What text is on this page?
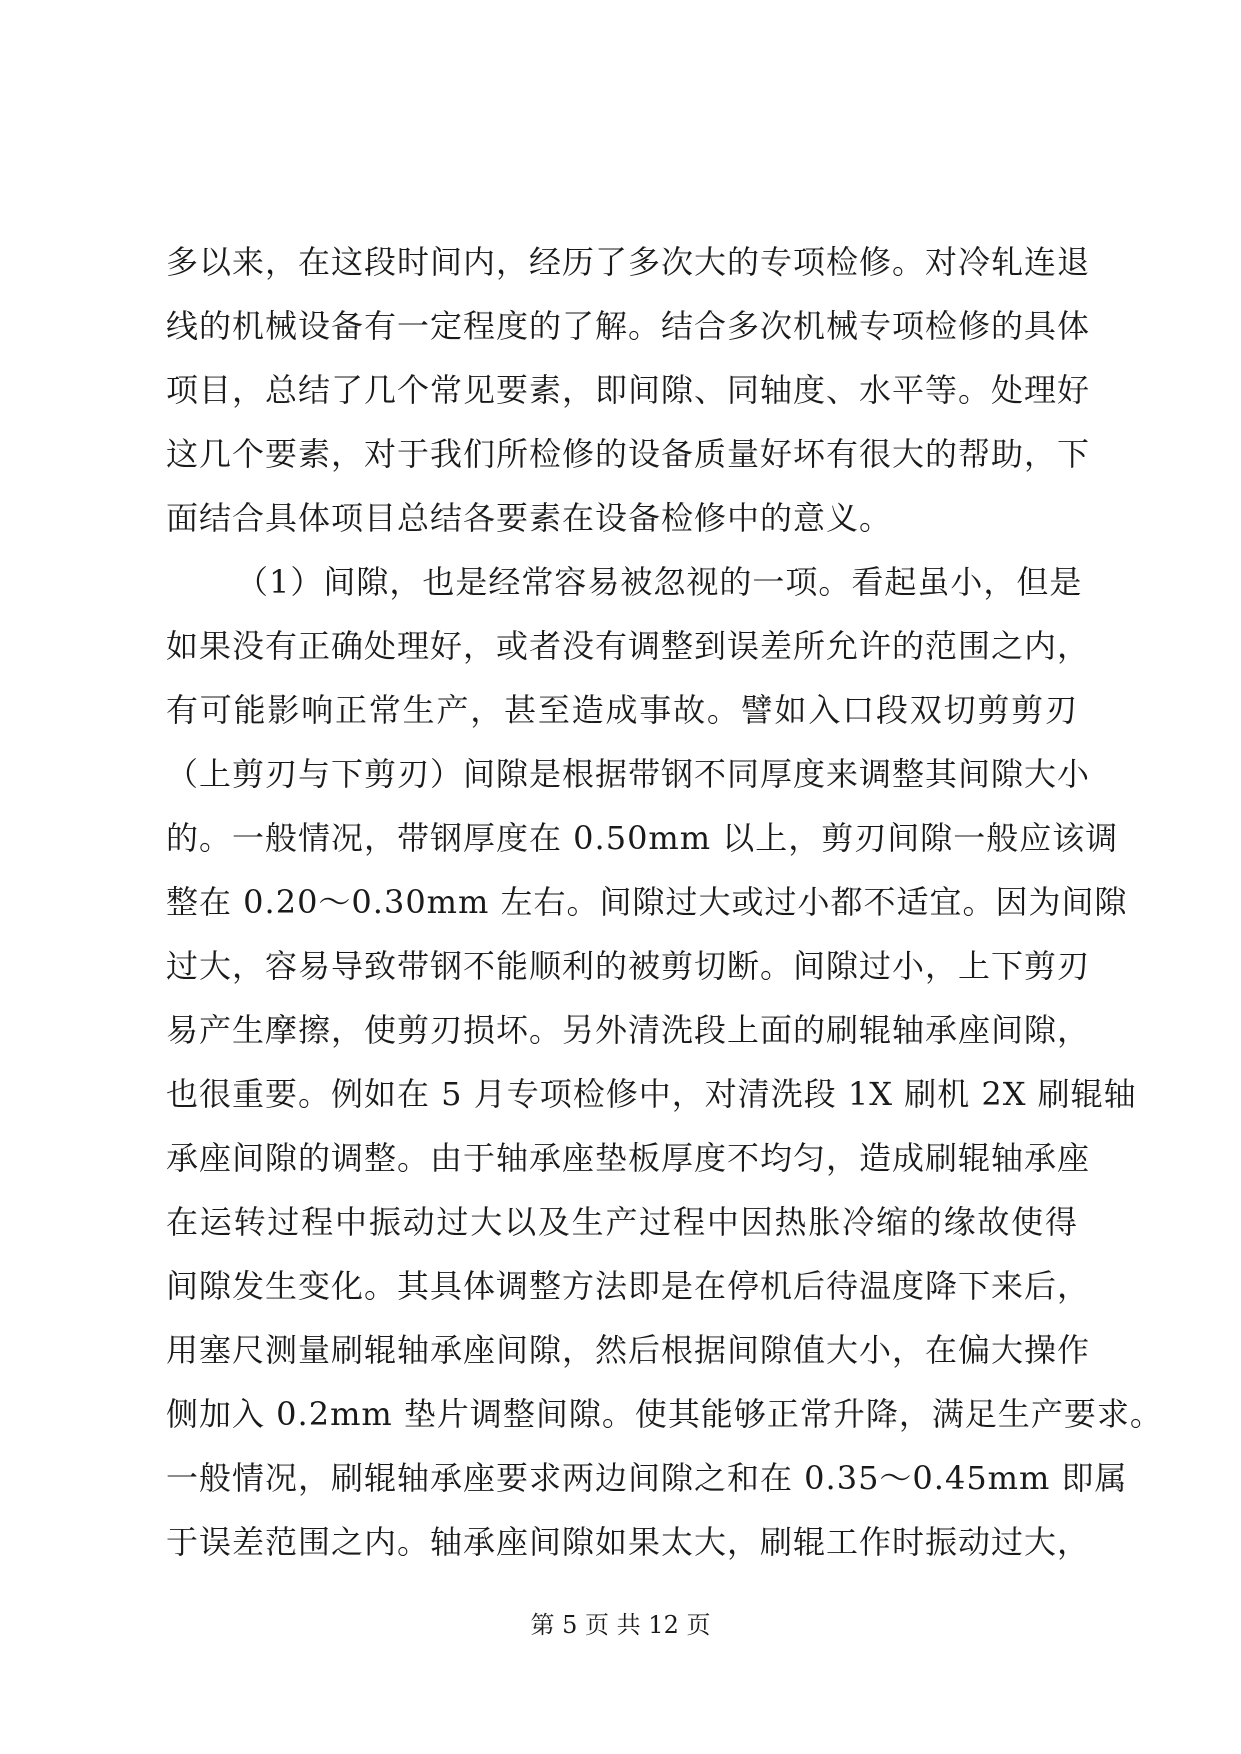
多以来，在这段时间内，经历了多次大的专项检修。对冷轧连退
线的机械设备有一定程度的了解。结合多次机械专项检修的具体
项目，总结了几个常见要素，即间隙、同轴度、水平等。处理好
这几个要素，对于我们所检修的设备质量好坏有很大的帮助，下
面结合具体项目总结各要素在设备检修中的意义。
（1）间隙，也是经常容易被忽视的一项。看起虽小，但是
如果没有正确处理好，或者没有调整到误差所允许的范围之内，
有可能影响正常生产，甚至造成事故。譬如入口段双切剪剪刃
（上剪刃与下剪刃）间隙是根据带钢不同厚度来调整其间隙大小
的。一般情况，带钢厚度在 0.50mm 以上，剪刃间隙一般应该调
整在 0.20～0.30mm 左右。间隙过大或过小都不适宜。因为间隙
过大，容易导致带钢不能顺利的被剪切断。间隙过小，上下剪刃
易产生摩擦，使剪刃损坏。另外清洗段上面的刷辊轴承座间隙，
也很重要。例如在 5 月专项检修中，对清洗段 1X 刷机 2X 刷辊轴
承座间隙的调整。由于轴承座垫板厚度不均匀，造成刷辊轴承座
在运转过程中振动过大以及生产过程中因热胀冷缩的缘故使得
间隙发生变化。其具体调整方法即是在停机后待温度降下来后，
用塞尺测量刷辊轴承座间隙，然后根据间隙值大小，在偏大操作
侧加入 0.2mm 垫片调整间隙。使其能够正常升降，满足生产要求。
一般情况，刷辊轴承座要求两边间隙之和在 0.35～0.45mm 即属
于误差范围之内。轴承座间隙如果太大，刷辊工作时振动过大，
第 5 页 共 12 页
